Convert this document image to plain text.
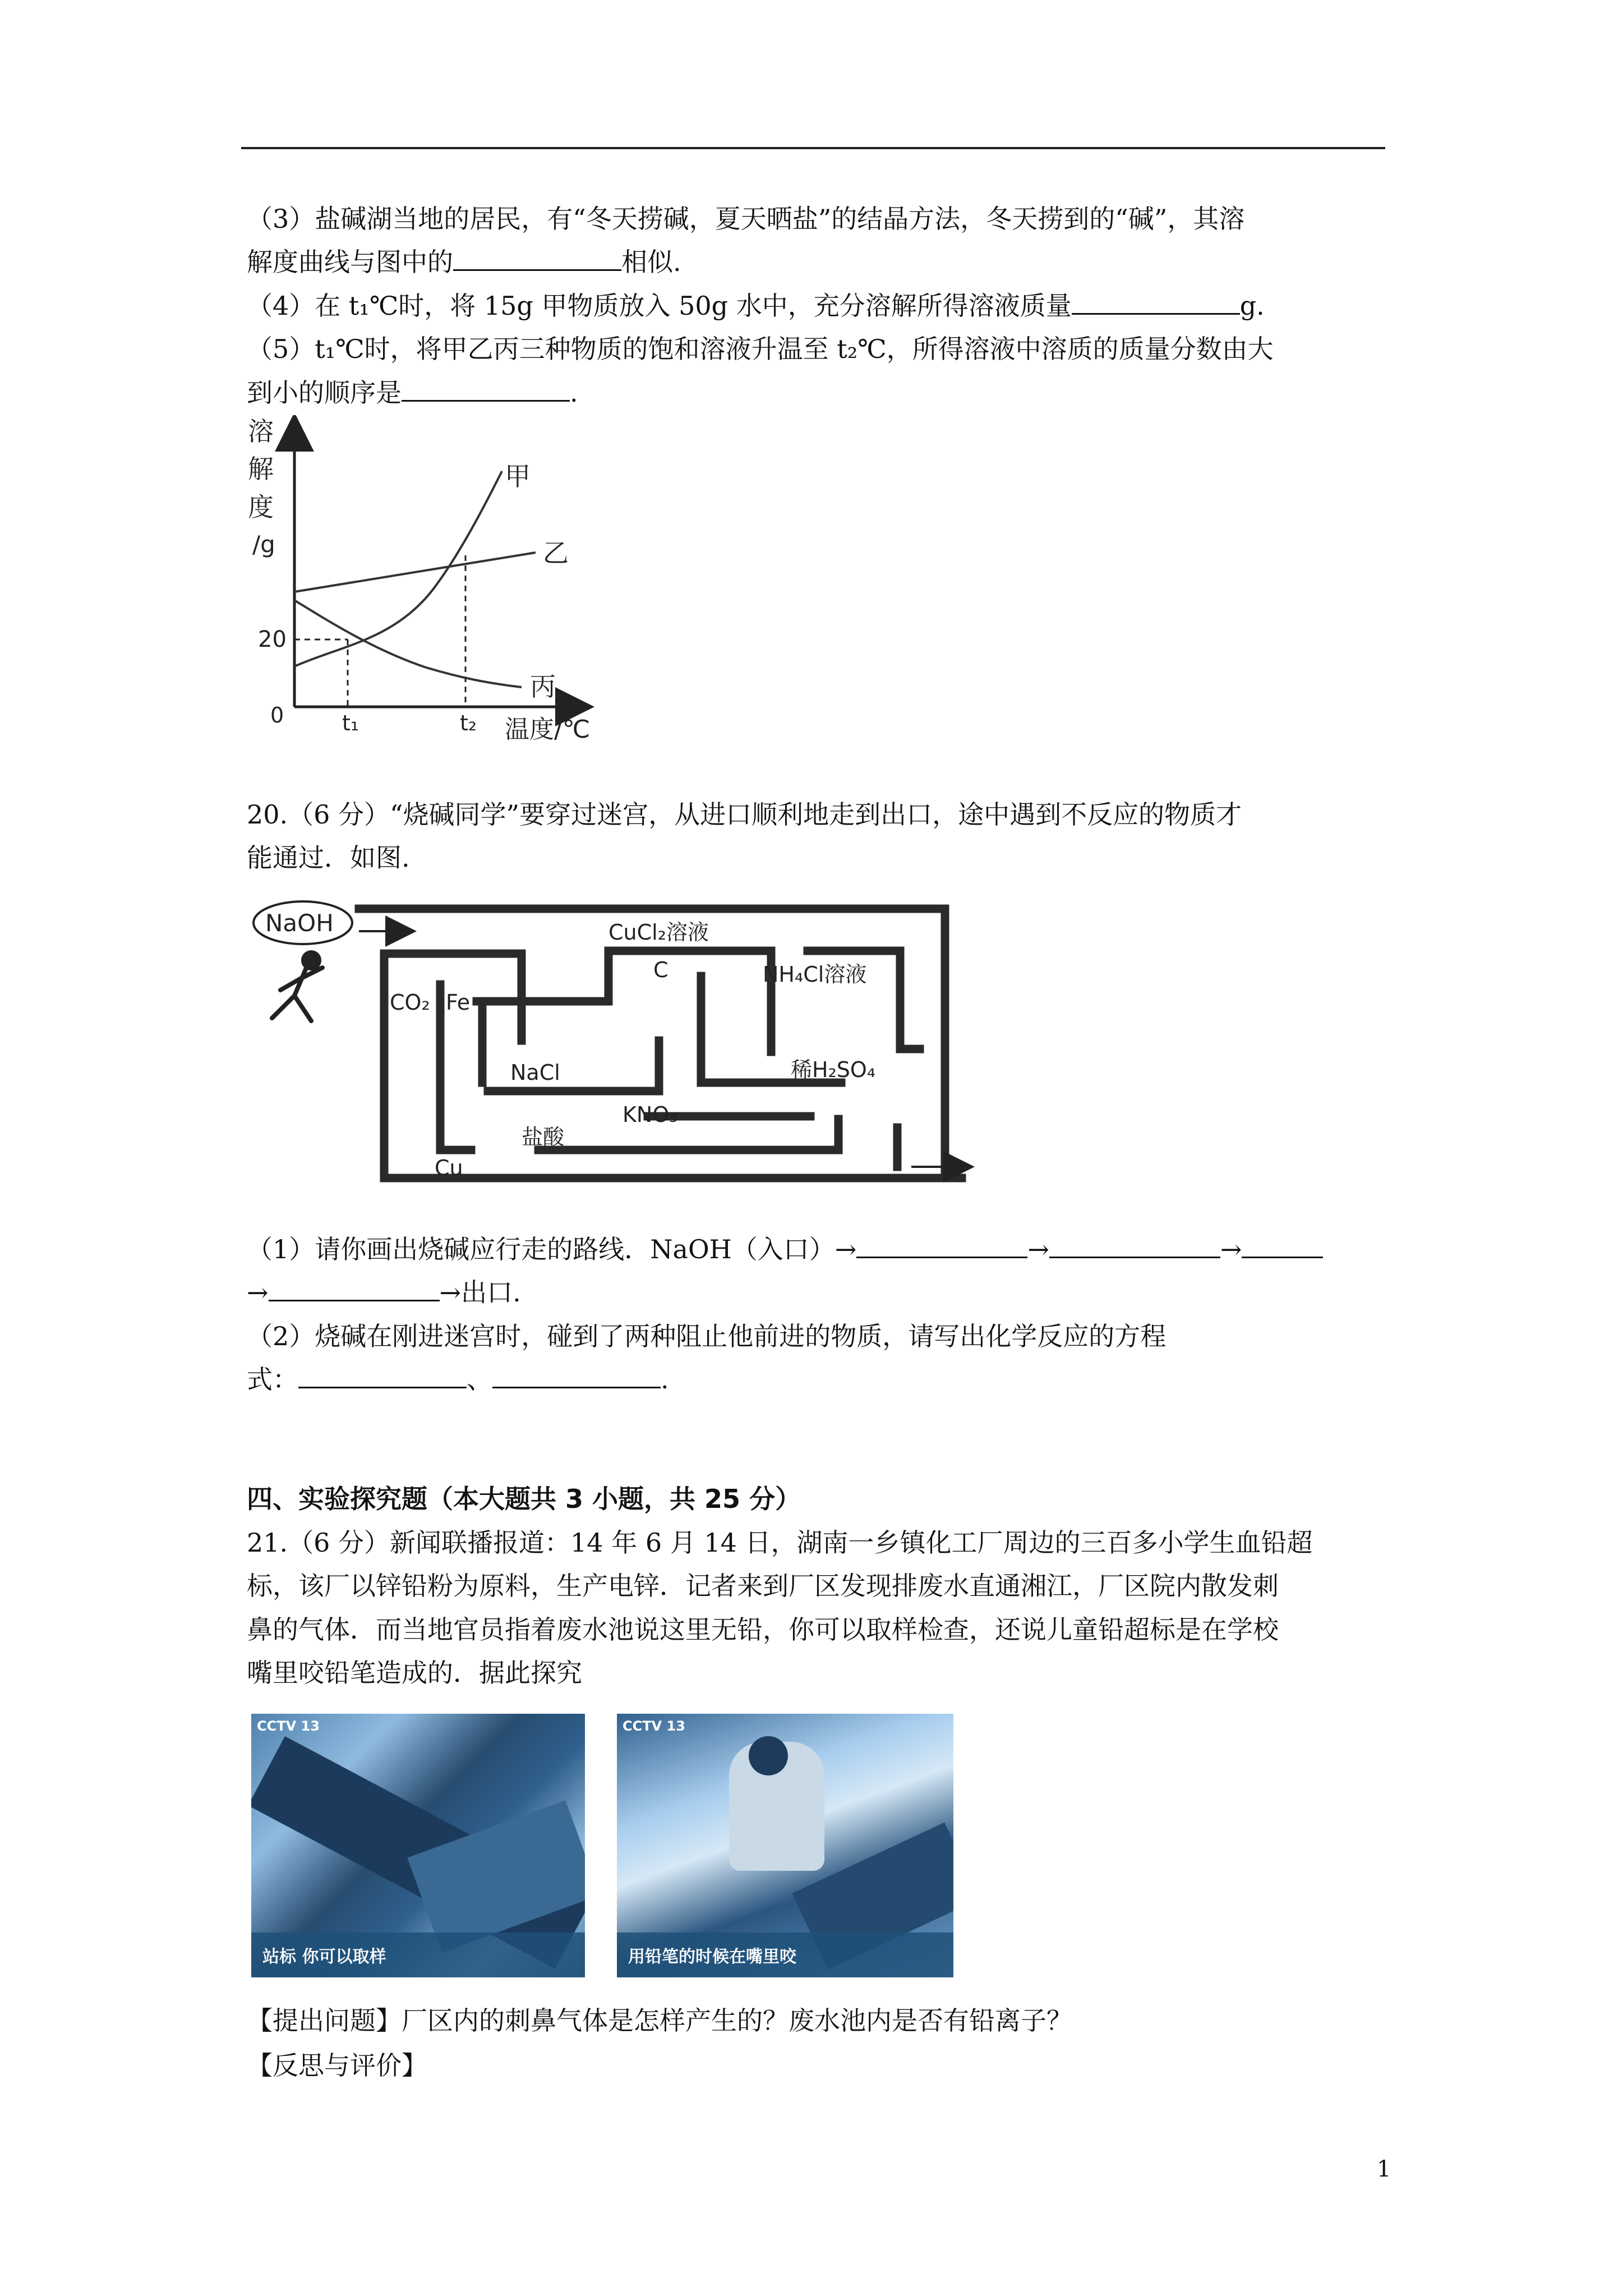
（3）盐碱湖当地的居民，有“冬天捞碱，夏天晒盐”的结晶方法，冬天捞到的“碱”，其溶
解度曲线与图中的	相似.
（4）在 t₁℃时，将 15g 甲物质放入 50g 水中，充分溶解所得溶液质量	g.
（5）t₁℃时，将甲乙丙三种物质的饱和溶液升温至 t₂℃，所得溶液中溶质的质量分数由大
到小的顺序是	.
溶
解
度
/g
0
20
t₁	t₂ 温度/℃
甲
乙
丙
20.（6 分）“烧碱同学”要穿过迷宫，从进口顺利地走到出口，途中遇到不反应的物质才
能通过．如图.
NaOH	CuCl₂溶液
C	NH₄Cl溶液
CO₂ Fe
NaCl	稀H₂SO₄
KNO₃
盐酸
Cu
（1）请你画出烧碱应行走的路线．NaOH（入口）→	→	→
→	→出口.
（2）烧碱在刚进迷宫时，碰到了两种阻止他前进的物质，请写出化学反应的方程
式：	、	.
四、实验探究题（本大题共 3 小题，共 25 分）
21.（6 分）新闻联播报道：14 年 6 月 14 日，湖南一乡镇化工厂周边的三百多小学生血铅超
标，该厂以锌铅粉为原料，生产电锌．记者来到厂区发现排废水直通湘江，厂区院内散发刺
鼻的气体．而当地官员指着废水池说这里无铅，你可以取样检查，还说儿童铅超标是在学校
嘴里咬铅笔造成的．据此探究
CCTV 13
站标 你可以取样
CCTV 13
用铅笔的时候在嘴里咬
【提出问题】厂区内的刺鼻气体是怎样产生的？废水池内是否有铅离子？
【反思与评价】
1
